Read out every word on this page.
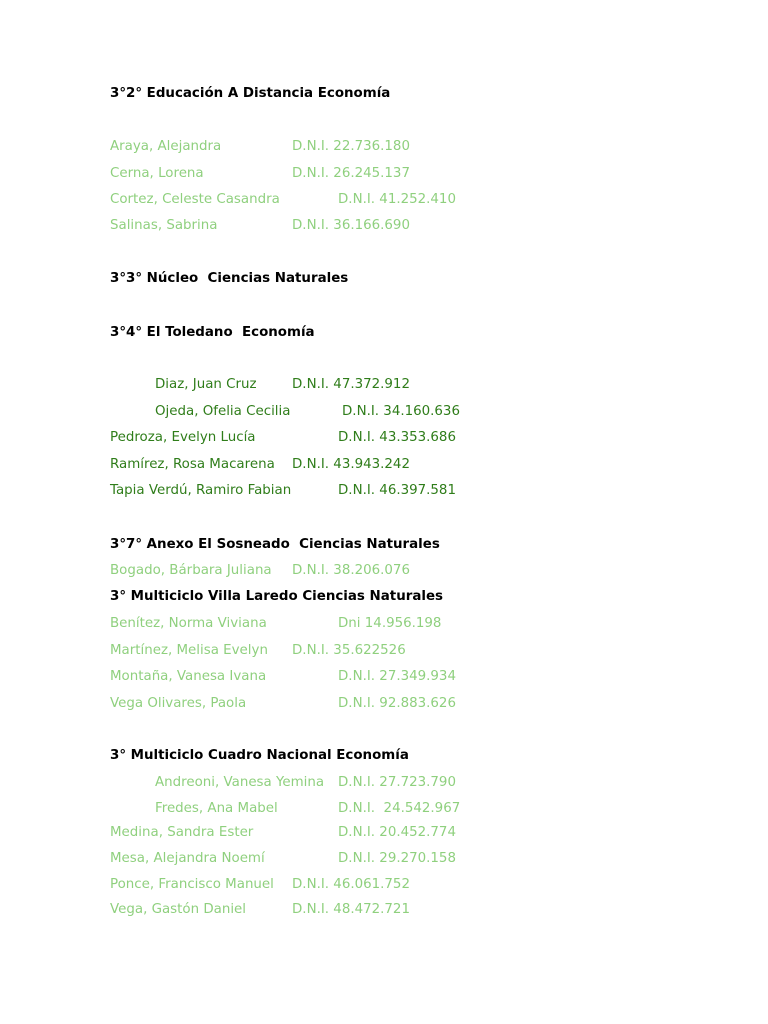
3°2° Educación A Distancia Economía
Araya, Alejandra	D.N.I. 22.736.180
Cerna, Lorena	D.N.I. 26.245.137
Cortez, Celeste Casandra	D.N.I. 41.252.410
Salinas, Sabrina	D.N.I. 36.166.690
3°3° Núcleo  Ciencias Naturales
3°4° El Toledano  Economía
Diaz, Juan Cruz	D.N.I. 47.372.912
Ojeda, Ofelia Cecilia	D.N.I. 34.160.636
Pedroza, Evelyn Lucía	D.N.I. 43.353.686
Ramírez, Rosa Macarena D.N.I. 43.943.242
Tapia Verdú, Ramiro Fabian	D.N.I. 46.397.581
3°7° Anexo El Sosneado  Ciencias Naturales
Bogado, Bárbara Juliana D.N.I. 38.206.076
3° Multiciclo Villa Laredo Ciencias Naturales
Benítez, Norma Viviana	Dni 14.956.198
Martínez, Melisa Evelyn D.N.I. 35.622526
Montaña, Vanesa Ivana	D.N.I. 27.349.934
Vega Olivares, Paola	D.N.I. 92.883.626
3° Multiciclo Cuadro Nacional Economía
Andreoni, Vanesa Yemina D.N.I. 27.723.790
Fredes, Ana Mabel	D.N.I.  24.542.967
Medina, Sandra Ester	D.N.I. 20.452.774
Mesa, Alejandra Noemí	D.N.I. 29.270.158
Ponce, Francisco Manuel D.N.I. 46.061.752
Vega, Gastón Daniel	D.N.I. 48.472.721
